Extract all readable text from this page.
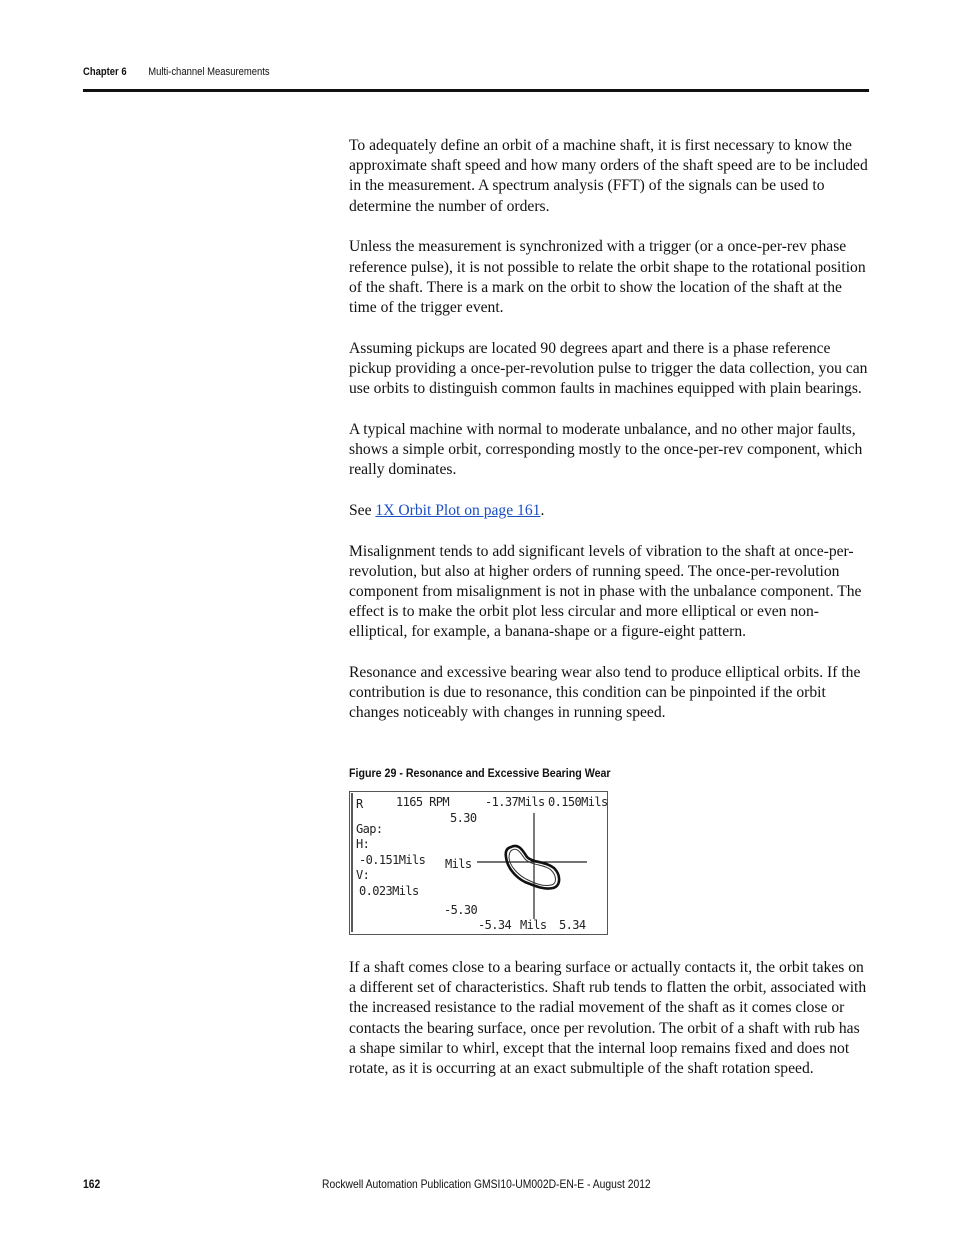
Chapter 6 Multi-channel Measurements

To adequately define an orbit of a machine shaft, it is first necessary to know the approximate shaft speed and how many orders of the shaft speed are to be included in the measurement. A spectrum analysis (FFT) of the signals can be used to determine the number of orders.

Unless the measurement is synchronized with a trigger (or a once-per-rev phase reference pulse), it is not possible to relate the orbit shape to the rotational position of the shaft. There is a mark on the orbit to show the location of the shaft at the time of the trigger event.

Assuming pickups are located 90 degrees apart and there is a phase reference pickup providing a once-per-revolution pulse to trigger the data collection, you can use orbits to distinguish common faults in machines equipped with plain bearings.

A typical machine with normal to moderate unbalance, and no other major faults, shows a simple orbit, corresponding mostly to the once-per-rev component, which really dominates.

See 1X Orbit Plot on page 161.

Misalignment tends to add significant levels of vibration to the shaft at once-per-revolution, but also at higher orders of running speed. The once-per-revolution component from misalignment is not in phase with the unbalance component. The effect is to make the orbit plot less circular and more elliptical or even non-elliptical, for example, a banana-shape or a figure-eight pattern.

Resonance and excessive bearing wear also tend to produce elliptical orbits. If the contribution is due to resonance, this condition can be pinpointed if the orbit changes noticeably with changes in running speed.

Figure 29 - Resonance and Excessive Bearing Wear
R	1165 RPM	-1.37Mils 0.150Mils
5.30
Gap:
H:
-0.151Mils
V:
0.023Mils
Mils
-5.30
-5.34 Mils 5.34

If a shaft comes close to a bearing surface or actually contacts it, the orbit takes on a different set of characteristics. Shaft rub tends to flatten the orbit, associated with the increased resistance to the radial movement of the shaft as it comes close or contacts the bearing surface, once per revolution. The orbit of a shaft with rub has a shape similar to whirl, except that the internal loop remains fixed and does not rotate, as it is occurring at an exact submultiple of the shaft rotation speed.

162	Rockwell Automation Publication GMSI10-UM002D-EN-E - August 2012
